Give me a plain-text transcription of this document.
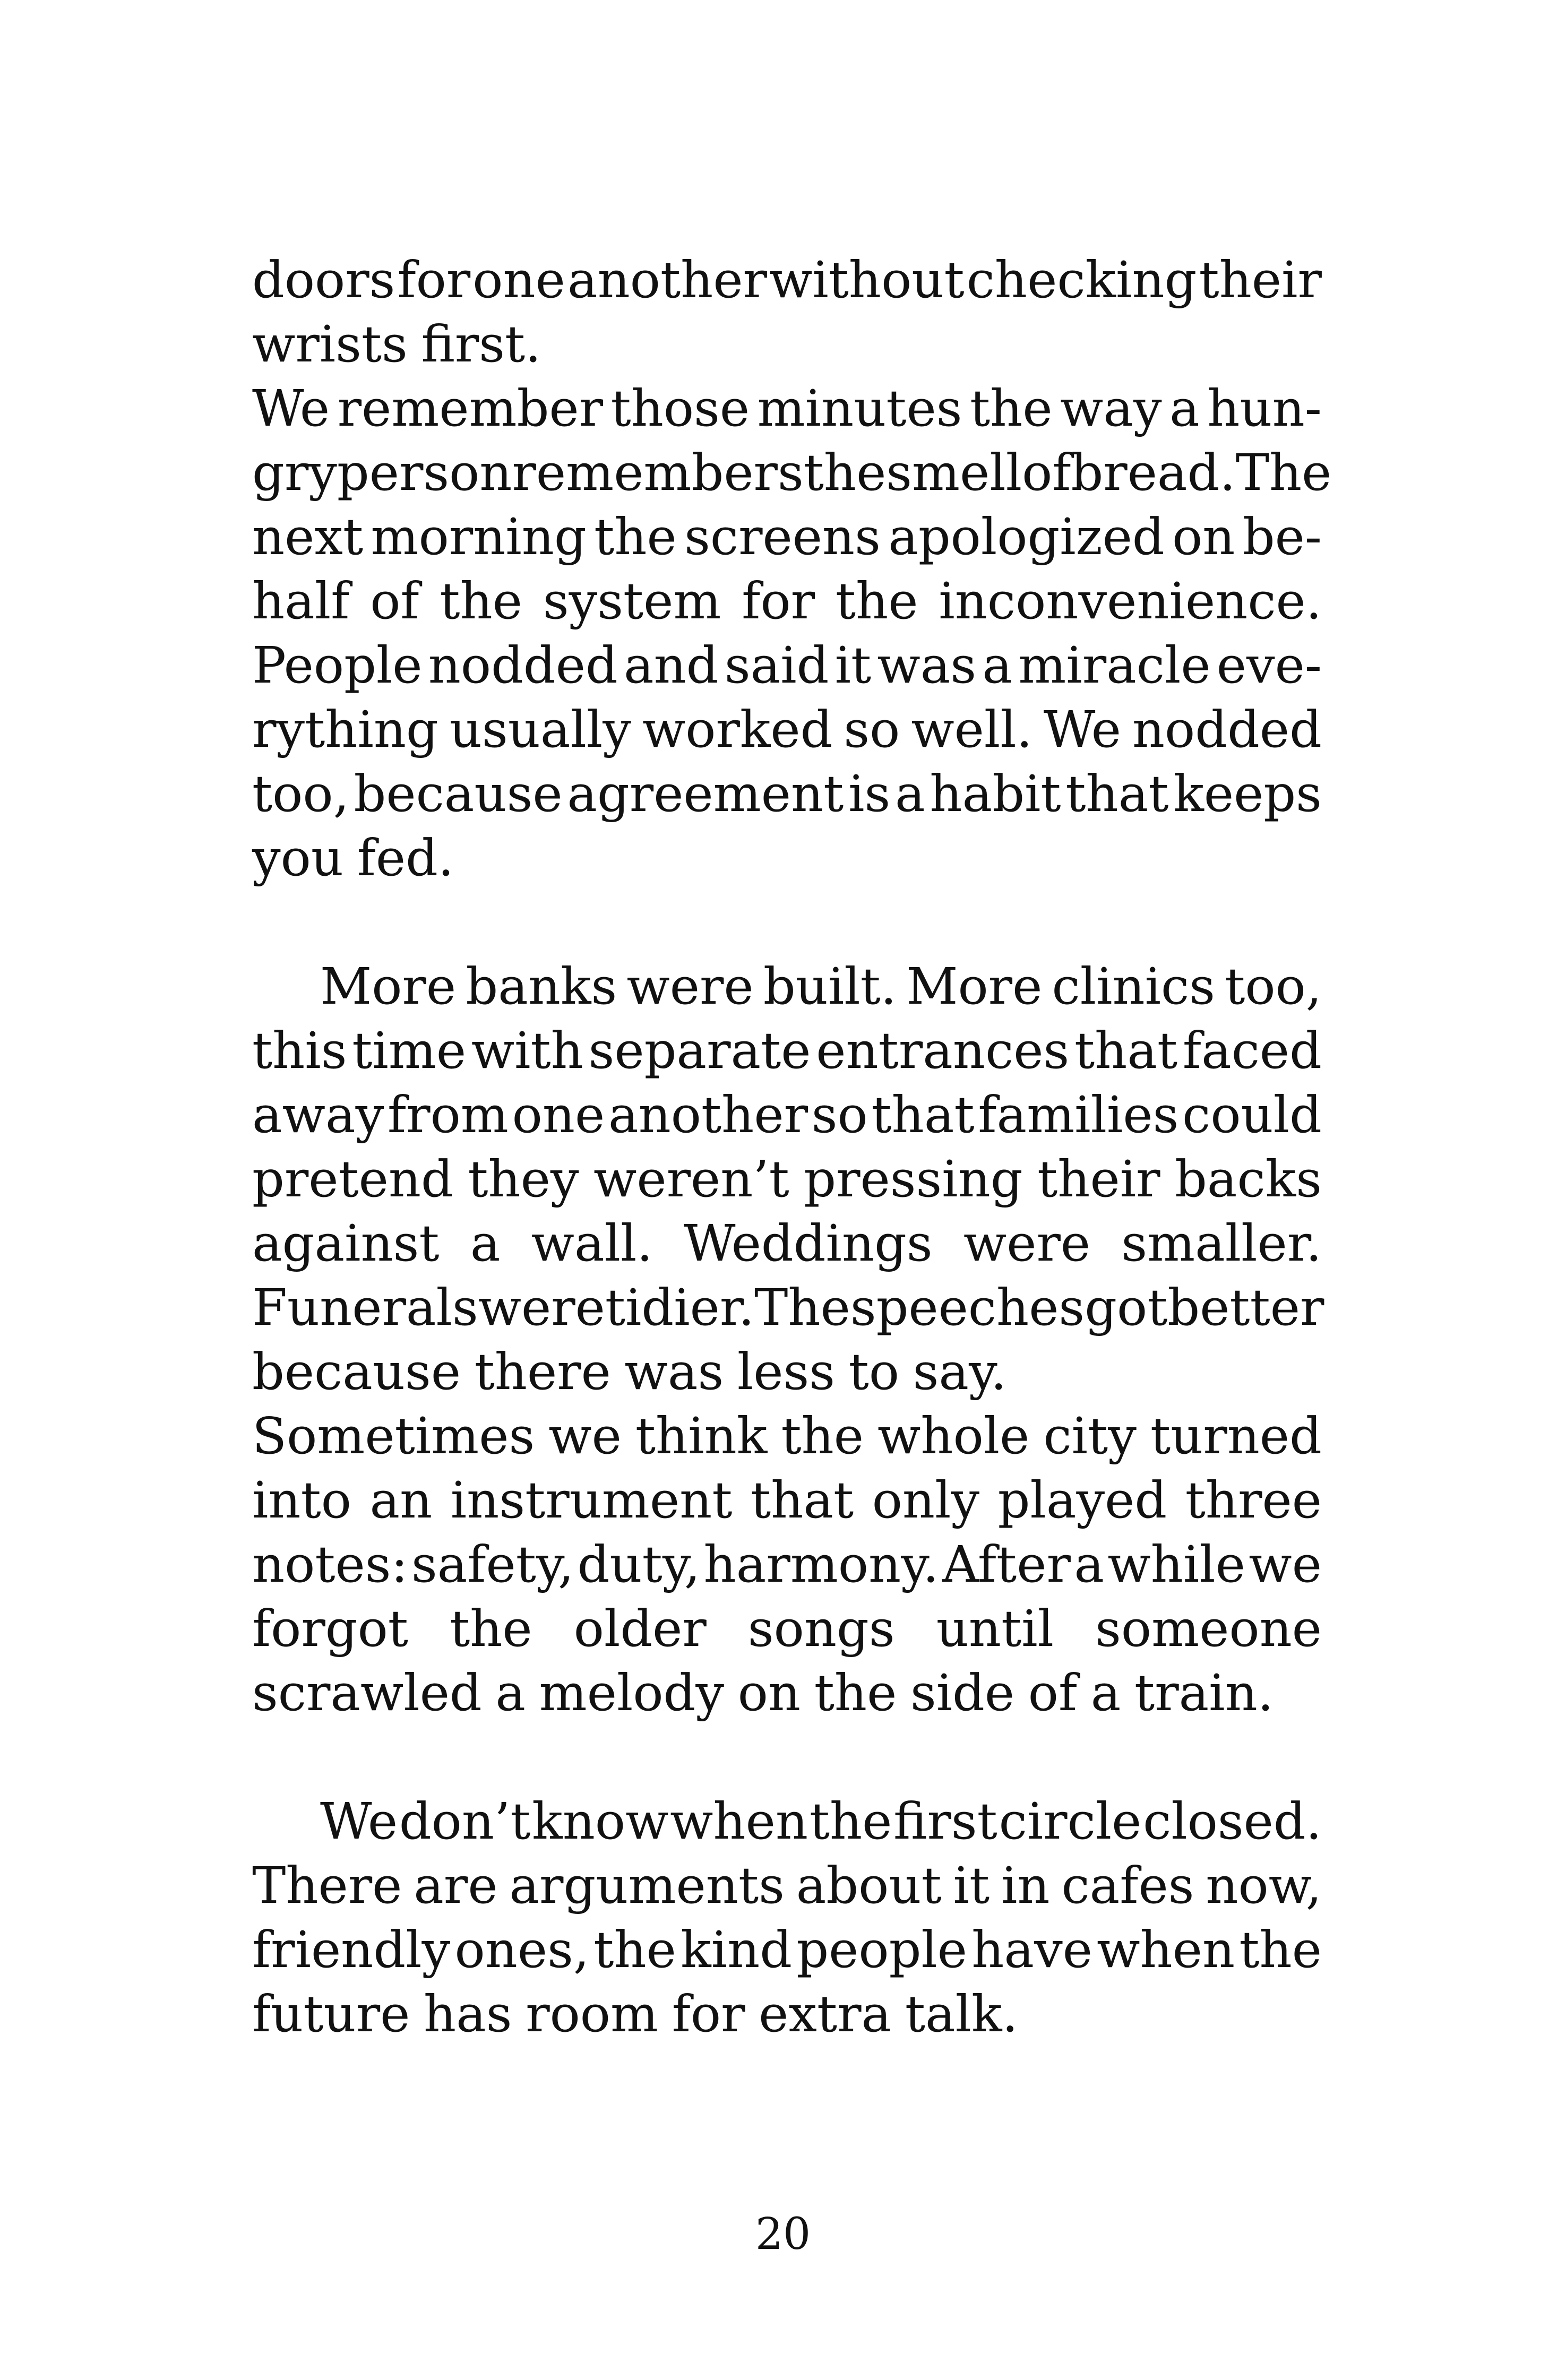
doors for one another without checking their
wrists first.
We remember those minutes the way a hun-
gry person remembers the smell of bread. The
next morning the screens apologized on be-
half of the system for the inconvenience.
People nodded and said it was a miracle eve-
rything usually worked so well. We nodded
too, because agreement is a habit that keeps
you fed.
More banks were built. More clinics too,
this time with separate entrances that faced
away from one another so that families could
pretend they weren’t pressing their backs
against a wall. Weddings were smaller.
Funerals were tidier. The speeches got better
because there was less to say.
Sometimes we think the whole city turned
into an instrument that only played three
notes: safety, duty, harmony. After a while we
forgot the older songs until someone
scrawled a melody on the side of a train.
We don’t know when the first circle closed.
There are arguments about it in cafes now,
friendly ones, the kind people have when the
future has room for extra talk.
20
